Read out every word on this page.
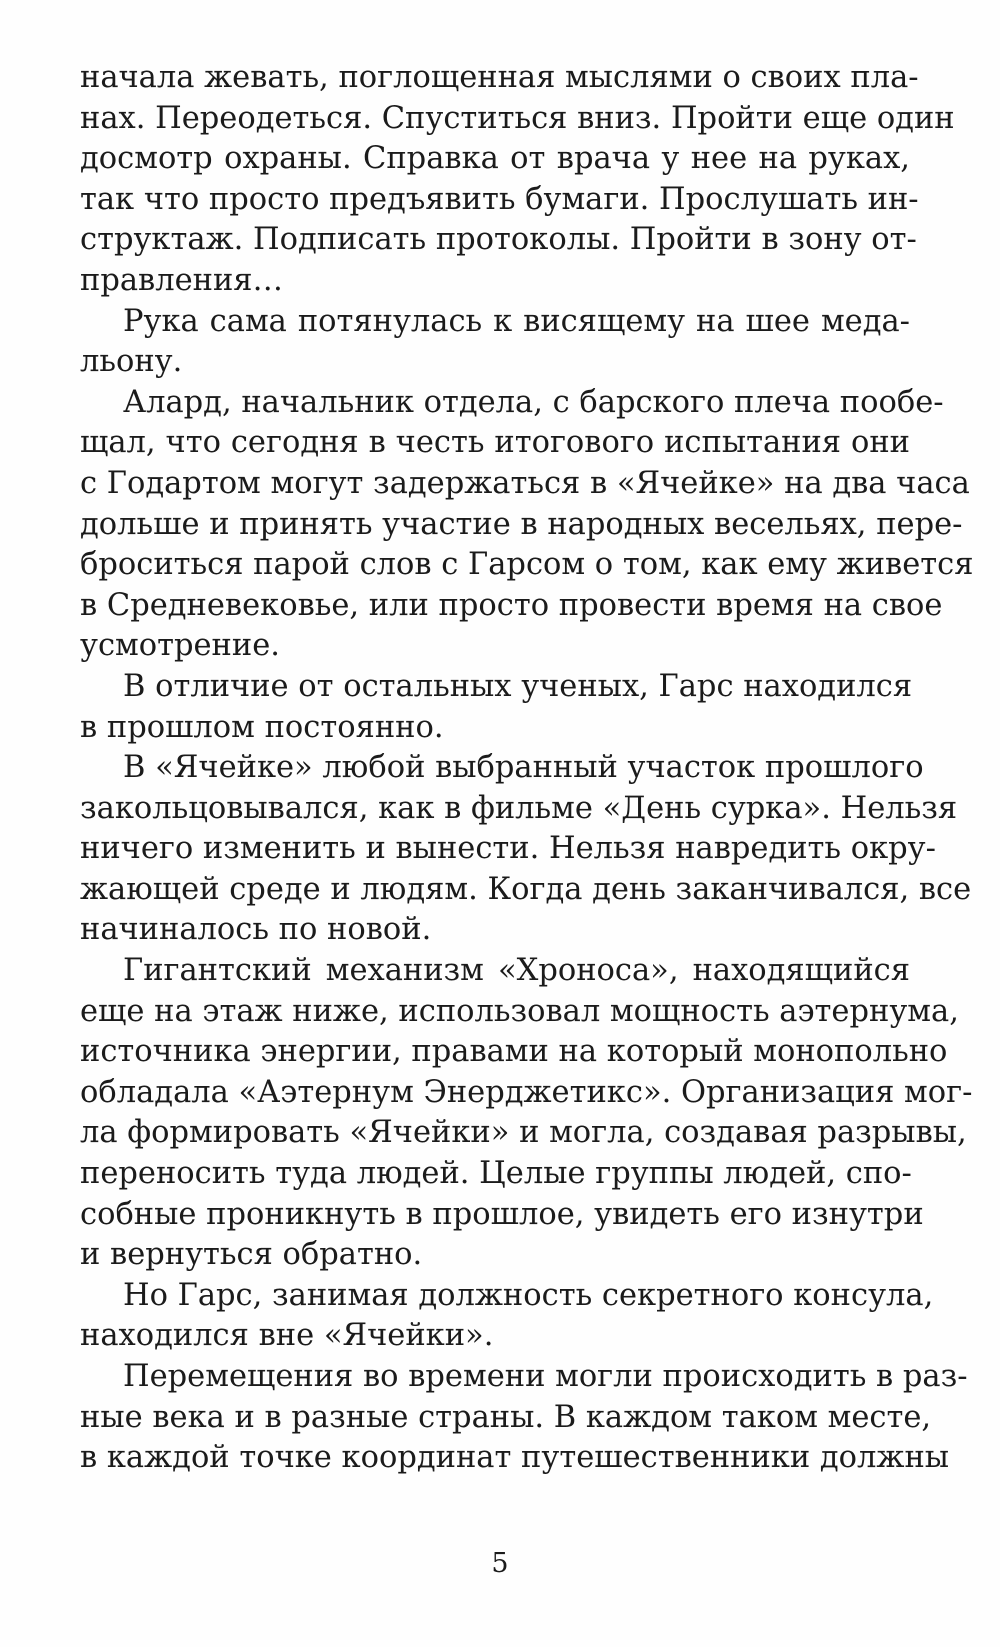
начала жевать, поглощенная мыслями о своих пла-
нах. Переодеться. Спуститься вниз. Пройти еще один
досмотр охраны. Справка от врача у нее на руках,
так что просто предъявить бумаги. Прослушать ин-
структаж. Подписать протоколы. Пройти в зону от-
правления…
Рука сама потянулась к висящему на шее меда-
льону.
Алард, начальник отдела, с барского плеча пообе-
щал, что сегодня в честь итогового испытания они
с Годартом могут задержаться в «Ячейке» на два часа
дольше и принять участие в народных весельях, пере-
броситься парой слов с Гарсом о том, как ему живется
в Средневековье, или просто провести время на свое
усмотрение.
В отличие от остальных ученых, Гарс находился
в прошлом постоянно.
В «Ячейке» любой выбранный участок прошлого
закольцовывался, как в фильме «День сурка». Нельзя
ничего изменить и вынести. Нельзя навредить окру-
жающей среде и людям. Когда день заканчивался, все
начиналось по новой.
Гигантский механизм «Хроноса», находящийся
еще на этаж ниже, использовал мощность аэтернума,
источника энергии, правами на который монопольно
обладала «Аэтернум Энерджетикс». Организация мог-
ла формировать «Ячейки» и могла, создавая разрывы,
переносить туда людей. Целые группы людей, спо-
собные проникнуть в прошлое, увидеть его изнутри
и вернуться обратно.
Но Гарс, занимая должность секретного консула,
находился вне «Ячейки».
Перемещения во времени могли происходить в раз-
ные века и в разные страны. В каждом таком месте,
в каждой точке координат путешественники должны
5
